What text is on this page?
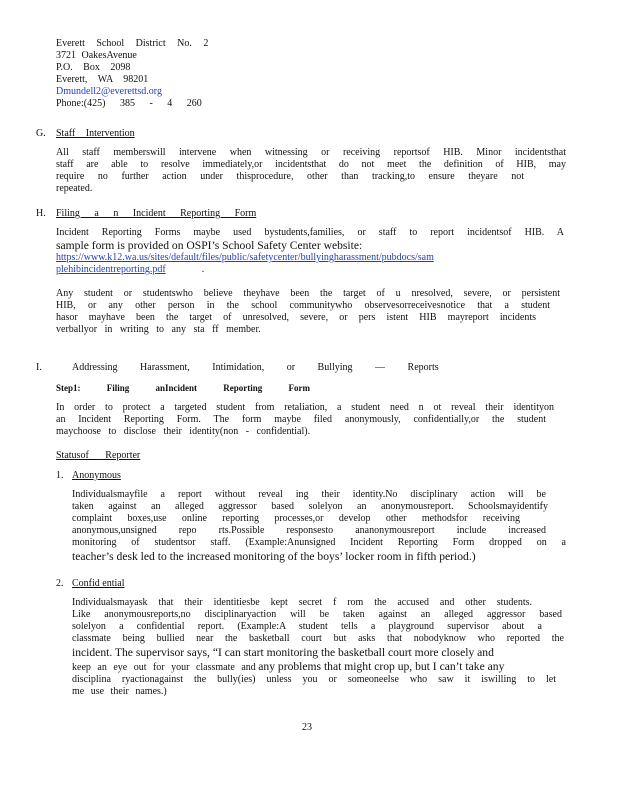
Everett School District No. 2
3721 OakesAvenue
P.O. Box 2098
Everett, WA 98201
Dmundell2@everettsd.org
Phone:(425) 385 - 4 260
G. Staff Intervention
All staff memberswill intervene when witnessing or receiving reportsof HIB. Minor incidentsthat
staff are able to resolve immediately,or incidentsthat do not meet the definition of HIB, may
require no further action under thisprocedure, other than tracking,to ensure theyare not
repeated.
H. Filing a n Incident Reporting Form
Incident Reporting Forms maybe used bystudents,families, or staff to report incidentsof HIB. A
sample form is provided on OSPI’s School Safety Center website:
https://www.k12.wa.us/sites/default/files/public/safetycenter/bullyingharassment/pubdocs/sam
plehibincidentreporting.pdf	.
Any student or studentswho believe theyhave been the target of u nresolved, severe, or persistent
HIB, or any other person in the school communitywho observesorreceivesnotice that a student
hasor mayhave been the target of unresolved, severe, or pers istent HIB mayreport incidents
verballyor in writing to any sta ff member.
I.	Addressing Harassment, Intimidation, or Bullying — Reports
Step1: Filing anIncident Reporting Form
In order to protect a targeted student from retaliation, a student need n ot reveal their identityon
an Incident Reporting Form. The form maybe filed anonymously, confidentially,or the student
maychoose to disclose their identity(non - confidential).
Statusof Reporter
1. Anonymous
Individualsmayfile a report without reveal ing their identity.No disciplinary action will be
taken against an alleged aggressor based solelyon an anonymousreport. Schoolsmayidentify
complaint boxes,use online reporting processes,or develop other methodsfor receiving
anonymous,unsigned repo rts.Possible responsesto ananonymousreport include increased
monitoring of studentsor staff. (Example:Anunsigned Incident Reporting Form dropped on a
teacher’s desk led to the increased monitoring of the boys’ locker room in fifth period.)
2. Confid ential
Individualsmayask that their identitiesbe kept secret f rom the accused and other students.
Like anonymousreports,no disciplinaryaction will be taken against an alleged aggressor based
solelyon a confidential report. (Example:A student tells a playground supervisor about a
classmate being bullied near the basketball court but asks that nobodyknow who reported the
incident. The supervisor says, “I can start monitoring the basketball court more closely and
keep an eye out for your classmate and any problems that might crop up, but I can’t take any
disciplina ryactionagainst the bully(ies) unless you or someoneelse who saw it iswilling to let
me use their names.)
23
